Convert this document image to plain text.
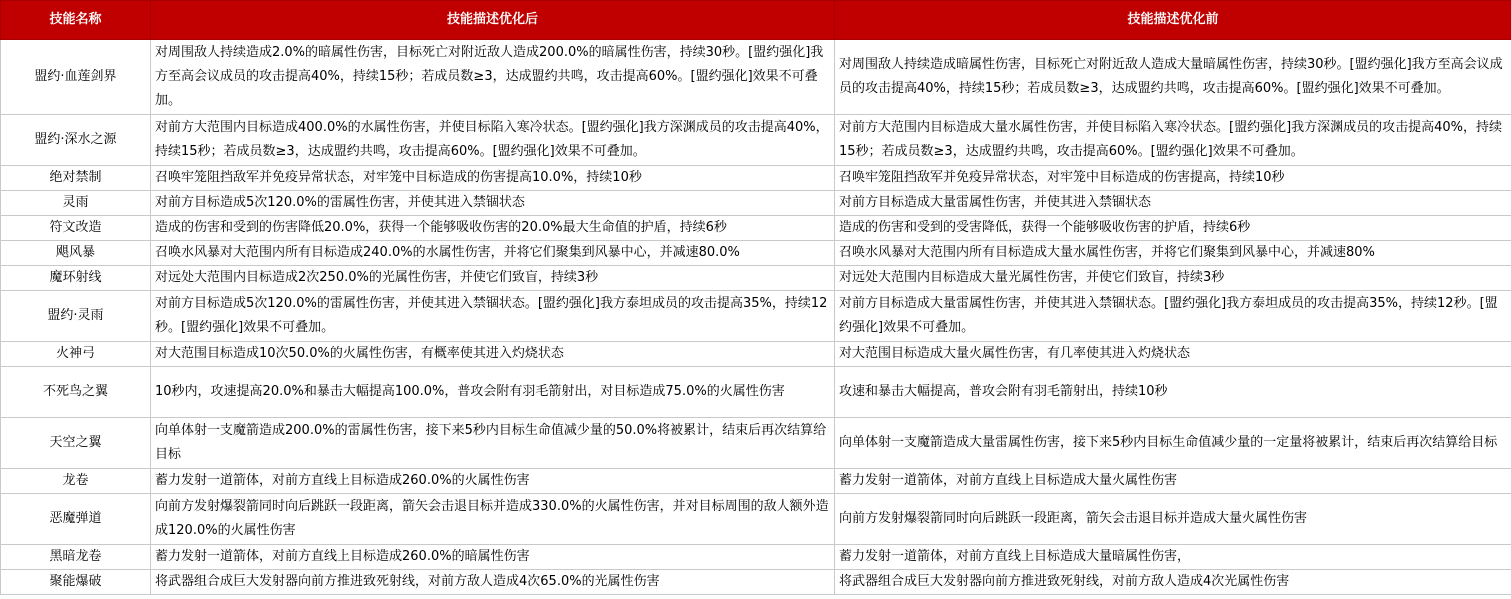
技能名称	技能描述优化后	技能描述优化前
盟约·血莲剑界	对周围敌人持续造成2.0%的暗属性伤害，目标死亡对附近敌人造成200.0%的暗属性伤害，持续30秒。[盟约强化]我方至高会议成员的攻击提高40%，持续15秒；若成员数≥3，达成盟约共鸣，攻击提高60%。[盟约强化]效果不可叠加。	对周围敌人持续造成暗属性伤害，目标死亡对附近敌人造成大量暗属性伤害，持续30秒。[盟约强化]我方至高会议成员的攻击提高40%，持续15秒；若成员数≥3，达成盟约共鸣，攻击提高60%。[盟约强化]效果不可叠加。
盟约·深水之源	对前方大范围内目标造成400.0%的水属性伤害，并使目标陷入寒冷状态。[盟约强化]我方深渊成员的攻击提高40%，持续15秒；若成员数≥3，达成盟约共鸣，攻击提高60%。[盟约强化]效果不可叠加。	对前方大范围内目标造成大量水属性伤害，并使目标陷入寒冷状态。[盟约强化]我方深渊成员的攻击提高40%，持续15秒；若成员数≥3，达成盟约共鸣，攻击提高60%。[盟约强化]效果不可叠加。
绝对禁制	召唤牢笼阻挡敌军并免疫异常状态，对牢笼中目标造成的伤害提高10.0%，持续10秒	召唤牢笼阻挡敌军并免疫异常状态，对牢笼中目标造成的伤害提高，持续10秒
灵雨	对前方目标造成5次120.0%的雷属性伤害，并使其进入禁锢状态	对前方目标造成大量雷属性伤害，并使其进入禁锢状态
符文改造	造成的伤害和受到的伤害降低20.0%，获得一个能够吸收伤害的20.0%最大生命值的护盾，持续6秒	造成的伤害和受到的受害降低，获得一个能够吸收伤害的护盾，持续6秒
飓风暴	召唤水风暴对大范围内所有目标造成240.0%的水属性伤害，并将它们聚集到风暴中心，并减速80.0%	召唤水风暴对大范围内所有目标造成大量水属性伤害，并将它们聚集到风暴中心，并减速80%
魔环射线	对远处大范围内目标造成2次250.0%的光属性伤害，并使它们致盲，持续3秒	对远处大范围内目标造成大量光属性伤害，并使它们致盲，持续3秒
盟约·灵雨	对前方目标造成5次120.0%的雷属性伤害，并使其进入禁锢状态。[盟约强化]我方泰坦成员的攻击提高35%，持续12秒。[盟约强化]效果不可叠加。	对前方目标造成大量雷属性伤害，并使其进入禁锢状态。[盟约强化]我方泰坦成员的攻击提高35%，持续12秒。[盟约强化]效果不可叠加。
火神弓	对大范围目标造成10次50.0%的火属性伤害，有概率使其进入灼烧状态	对大范围目标造成大量火属性伤害，有几率使其进入灼烧状态
不死鸟之翼	10秒内，攻速提高20.0%和暴击大幅提高100.0%，普攻会附有羽毛箭射出，对目标造成75.0%的火属性伤害	攻速和暴击大幅提高，普攻会附有羽毛箭射出，持续10秒
天空之翼	向单体射一支魔箭造成200.0%的雷属性伤害，接下来5秒内目标生命值减少量的50.0%将被累计，结束后再次结算给目标	向单体射一支魔箭造成大量雷属性伤害，接下来5秒内目标生命值减少量的一定量将被累计，结束后再次结算给目标
龙卷	蓄力发射一道箭体，对前方直线上目标造成260.0%的火属性伤害	蓄力发射一道箭体，对前方直线上目标造成大量火属性伤害
恶魔弹道	向前方发射爆裂箭同时向后跳跃一段距离，箭矢会击退目标并造成330.0%的火属性伤害，并对目标周围的敌人额外造成120.0%的火属性伤害	向前方发射爆裂箭同时向后跳跃一段距离，箭矢会击退目标并造成大量火属性伤害
黑暗龙卷	蓄力发射一道箭体，对前方直线上目标造成260.0%的暗属性伤害	蓄力发射一道箭体，对前方直线上目标造成大量暗属性伤害，
聚能爆破	将武器组合成巨大发射器向前方推进致死射线，对前方敌人造成4次65.0%的光属性伤害	将武器组合成巨大发射器向前方推进致死射线，对前方敌人造成4次光属性伤害
